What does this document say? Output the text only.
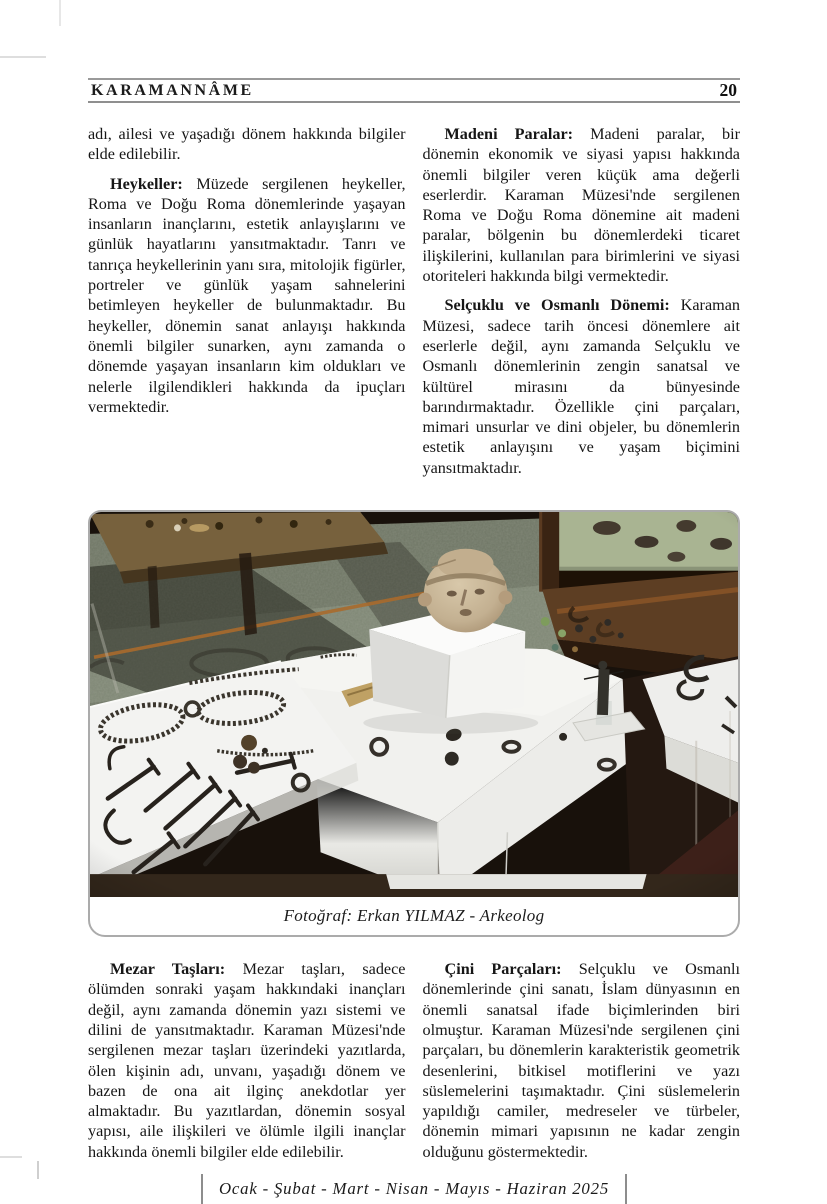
KARAMANNÂME	20

adı, ailesi ve yaşadığı dönem hakkında bilgiler elde edilebilir.

Heykeller: Müzede sergilenen heykeller, Roma ve Doğu Roma dönemlerinde yaşayan insanların inançlarını, estetik anlayışlarını ve günlük hayatlarını yansıtmaktadır. Tanrı ve tanrıça heykellerinin yanı sıra, mitolojik figürler, portreler ve günlük yaşam sahnelerini betimleyen heykeller de bulunmaktadır. Bu heykeller, dönemin sanat anlayışı hakkında önemli bilgiler sunarken, aynı zamanda o dönemde yaşayan insanların kim oldukları ve nelerle ilgilendikleri hakkında da ipuçları vermektedir.

Madeni Paralar: Madeni paralar, bir dönemin ekonomik ve siyasi yapısı hakkında önemli bilgiler veren küçük ama değerli eserlerdir. Karaman Müzesi'nde sergilenen Roma ve Doğu Roma dönemine ait madeni paralar, bölgenin bu dönemlerdeki ticaret ilişkilerini, kullanılan para birimlerini ve siyasi otoriteleri hakkında bilgi vermektedir.

Selçuklu ve Osmanlı Dönemi: Karaman Müzesi, sadece tarih öncesi dönemlere ait eserlerle değil, aynı zamanda Selçuklu ve Osmanlı dönemlerinin zengin sanatsal ve kültürel mirasını da bünyesinde barındırmaktadır. Özellikle çini parçaları, mimari unsurlar ve dini objeler, bu dönemlerin estetik anlayışını ve yaşam biçimini yansıtmaktadır.

Fotoğraf: Erkan YILMAZ - Arkeolog

Mezar Taşları: Mezar taşları, sadece ölümden sonraki yaşam hakkındaki inançları değil, aynı zamanda dönemin yazı sistemi ve dilini de yansıtmaktadır. Karaman Müzesi'nde sergilenen mezar taşları üzerindeki yazıtlarda, ölen kişinin adı, unvanı, yaşadığı dönem ve bazen de ona ait ilginç anekdotlar yer almaktadır. Bu yazıtlardan, dönemin sosyal yapısı, aile ilişkileri ve ölümle ilgili inançlar hakkında önemli bilgiler elde edilebilir.

Çini Parçaları: Selçuklu ve Osmanlı dönemlerinde çini sanatı, İslam dünyasının en önemli sanatsal ifade biçimlerinden biri olmuştur. Karaman Müzesi'nde sergilenen çini parçaları, bu dönemlerin karakteristik geometrik desenlerini, bitkisel motiflerini ve yazı süslemelerini taşımaktadır. Çini süslemelerin yapıldığı camiler, medreseler ve türbeler, dönemin mimari yapısının ne kadar zengin olduğunu göstermektedir.

Ocak - Şubat - Mart - Nisan - Mayıs - Haziran 2025
